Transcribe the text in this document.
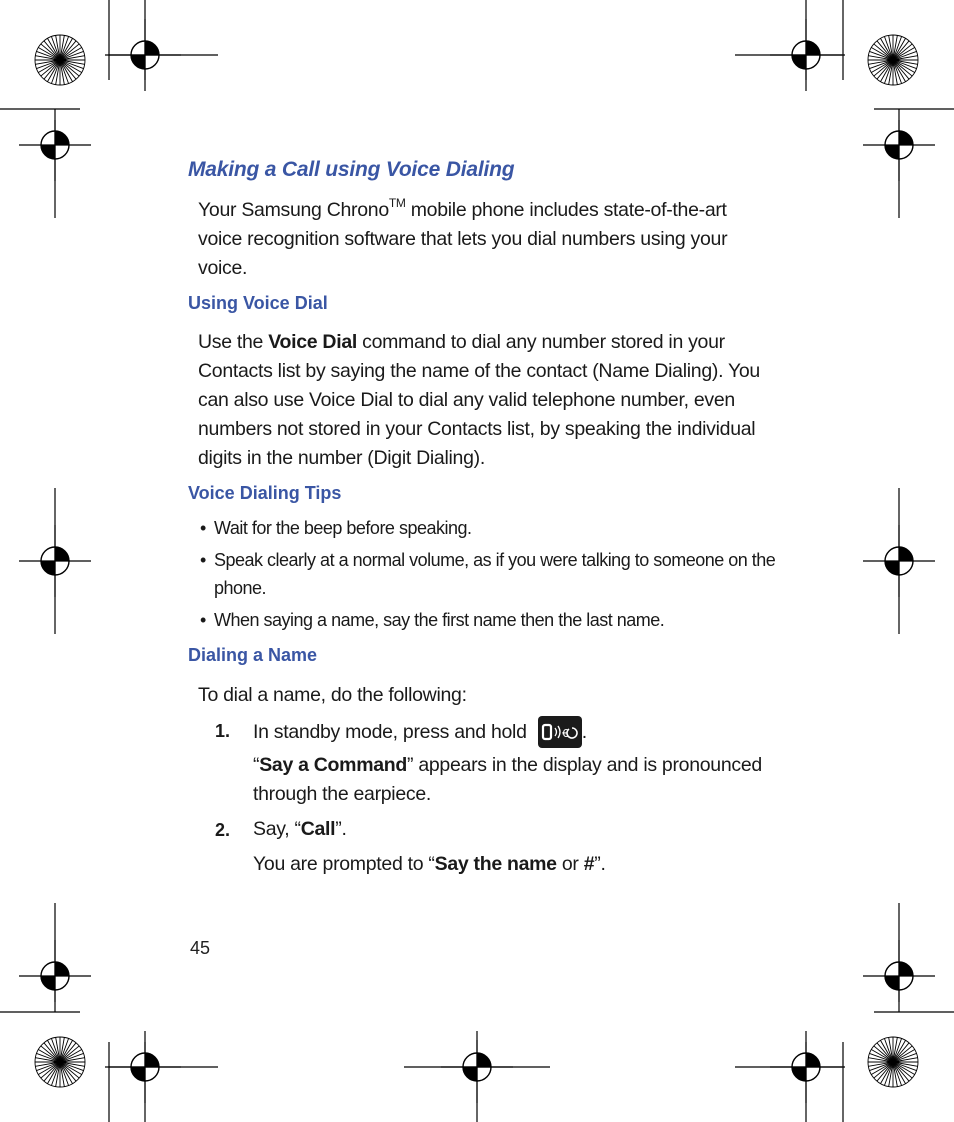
Making a Call using Voice Dialing
Your Samsung Chrono™ mobile phone includes state-of-the-art
voice recognition software that lets you dial numbers using your
voice.
Using Voice Dial
Use the Voice Dial command to dial any number stored in your
Contacts list by saying the name of the contact (Name Dialing). You
can also use Voice Dial to dial any valid telephone number, even
numbers not stored in your Contacts list, by speaking the individual
digits in the number (Digit Dialing).
Voice Dialing Tips
• Wait for the beep before speaking.
• Speak clearly at a normal volume, as if you were talking to someone on the
phone.
• When saying a name, say the first name then the last name.
Dialing a Name
To dial a name, do the following:
1. In standby mode, press and hold	€ .
“Say a Command” appears in the display and is pronounced
through the earpiece.
2. Say, “Call”.
You are prompted to “Say the name or #”.
45
